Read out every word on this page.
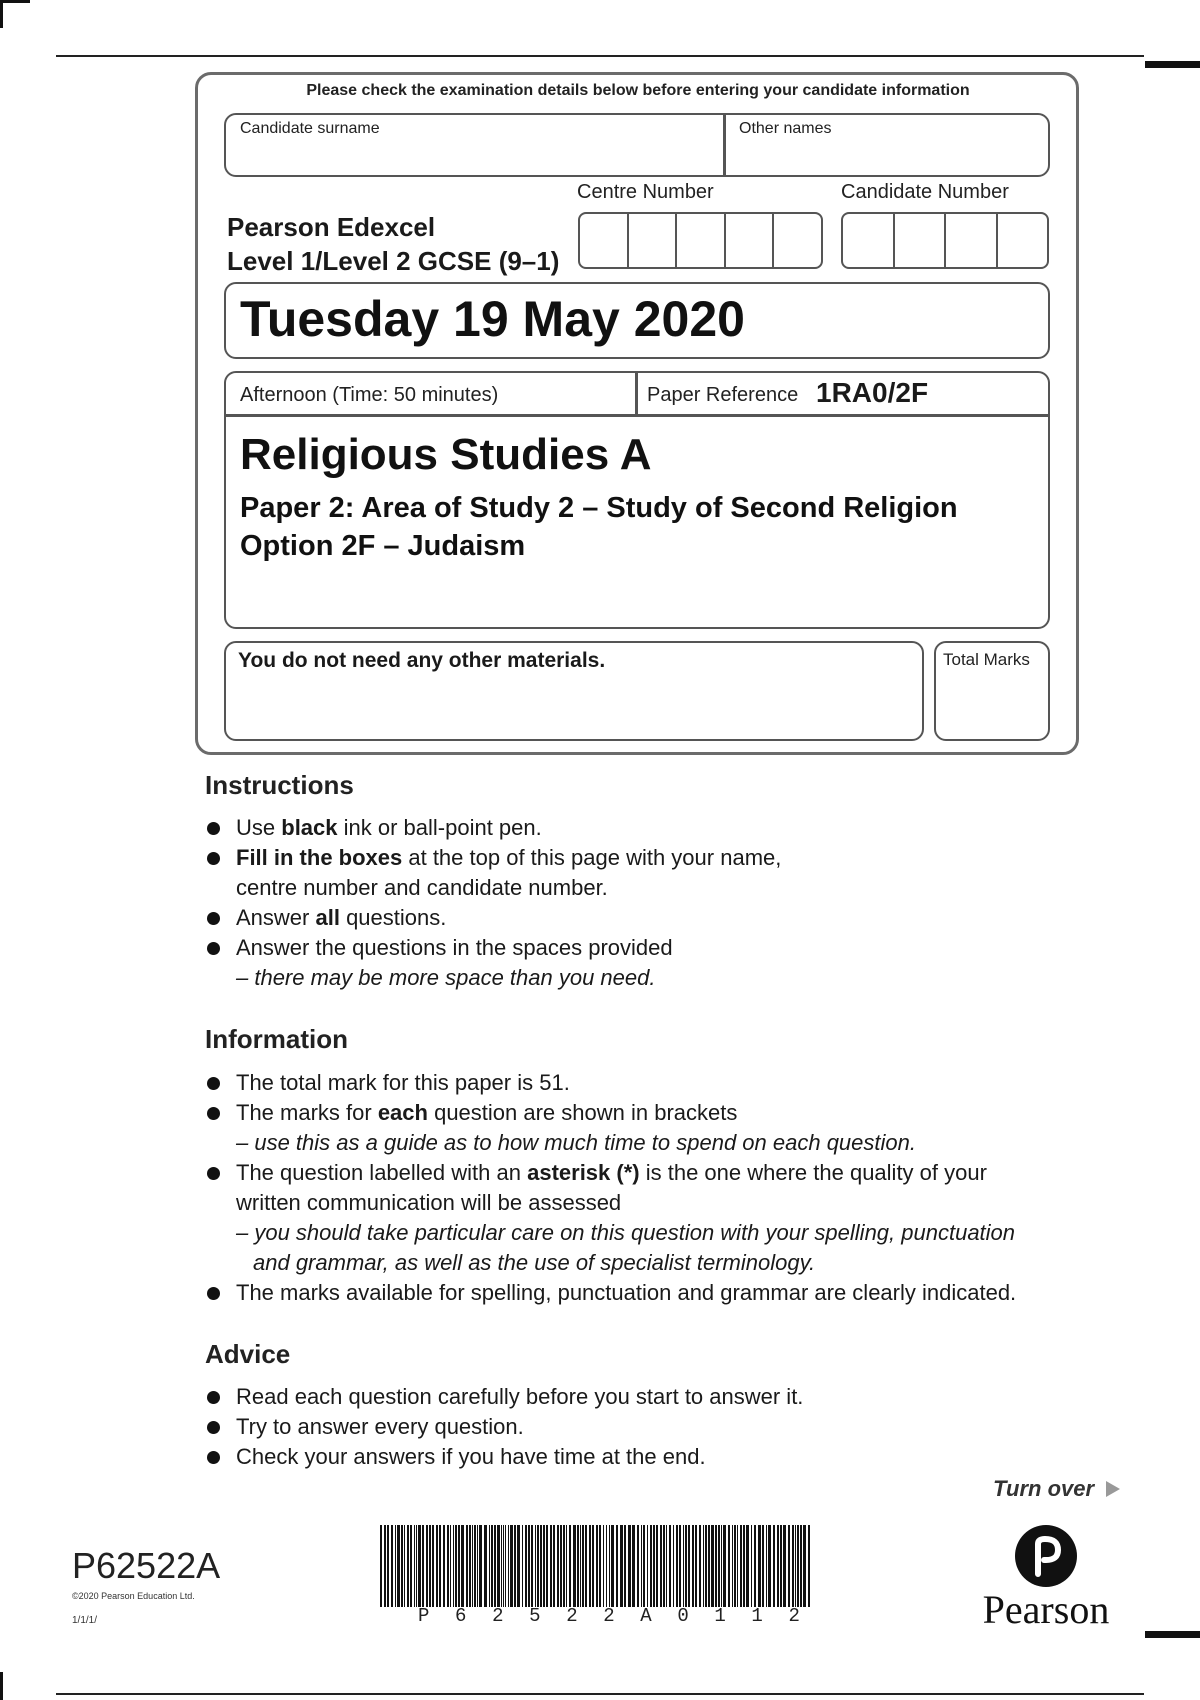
Please check the examination details below before entering your candidate information
Candidate surname	Other names
Centre Number	Candidate Number
Pearson Edexcel
Level 1/Level 2 GCSE (9–1)
Tuesday 19 May 2020
Afternoon (Time: 50 minutes)	Paper Reference 1RA0/2F
Religious Studies A
Paper 2: Area of Study 2 – Study of Second Religion
Option 2F – Judaism
You do not need any other materials.	Total Marks
Instructions
Use black ink or ball-point pen.
Fill in the boxes at the top of this page with your name,
centre number and candidate number.
Answer all questions.
Answer the questions in the spaces provided
– there may be more space than you need.
Information
The total mark for this paper is 51.
The marks for each question are shown in brackets
– use this as a guide as to how much time to spend on each question.
The question labelled with an asterisk (*) is the one where the quality of your
written communication will be assessed
– you should take particular care on this question with your spelling, punctuation
and grammar, as well as the use of specialist terminology.
The marks available for spelling, punctuation and grammar are clearly indicated.
Advice
Read each question carefully before you start to answer it.
Try to answer every question.
Check your answers if you have time at the end.
Turn over
P62522A
©2020 Pearson Education Ltd.
1/1/1/	P 6 2 5 2 2 A 0 1 1 2	Pearson
